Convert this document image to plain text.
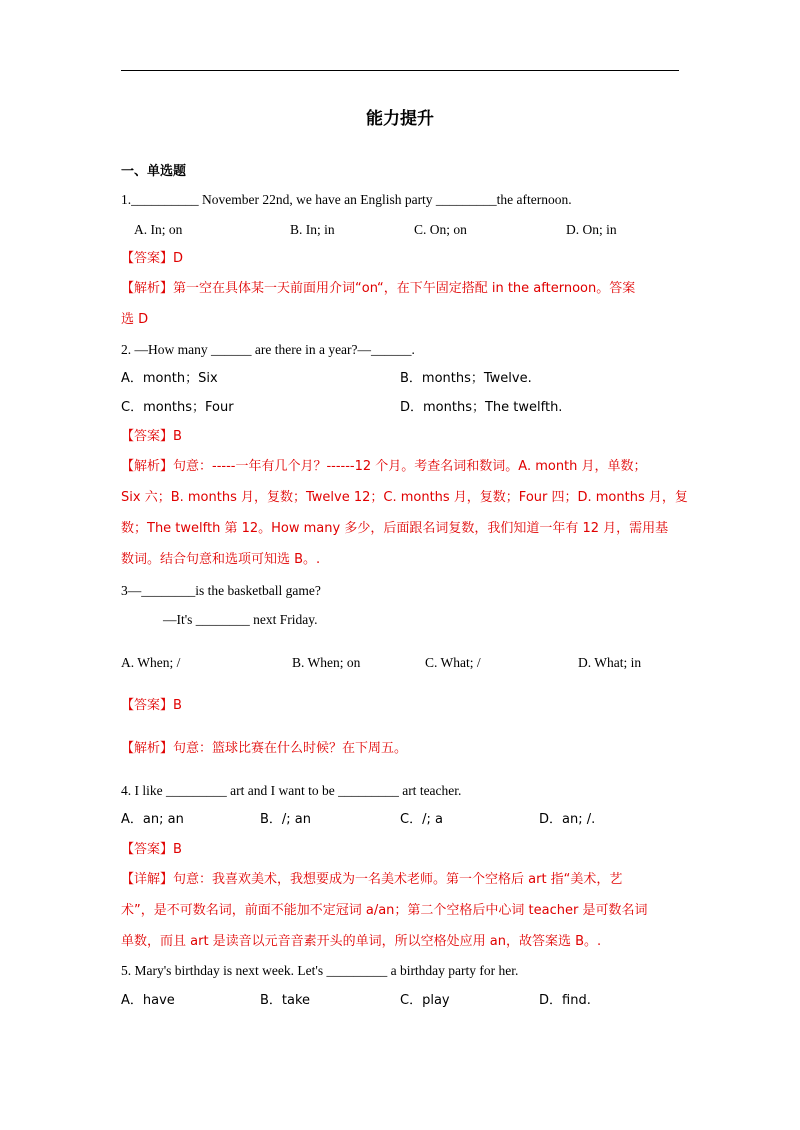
能力提升
一、单选题
1.__________ November 22nd, we have an English party _________the afternoon.
A. In; on	B. In; in	C. On; on	D. On; in
【答案】D
【解析】第一空在具体某一天前面用介词“on“，在下午固定搭配 in the afternoon。答案
选 D
2. —How many ______ are there in a year?—______.
A．month；Six	B．months；Twelve.
C．months；Four	D．months；The twelfth.
【答案】B
【解析】句意：-----一年有几个月？------12 个月。考查名词和数词。A. month 月，单数；
Six 六；B. months 月，复数；Twelve 12；C. months 月，复数；Four 四；D. months 月，复
数；The twelfth 第 12。How many 多少，后面跟名词复数，我们知道一年有 12 月，需用基
数词。结合句意和选项可知选 B。.
3—________is the basketball game?
—It's ________ next Friday.
A. When; /	B. When; on	C. What; /	D. What; in
【答案】B
【解析】句意：篮球比赛在什么时候？在下周五。
4. I like _________ art and I want to be _________ art teacher.
A．an; an	B．/; an	C．/; a	D．an; /.
【答案】B
【详解】句意：我喜欢美术，我想要成为一名美术老师。第一个空格后 art 指“美术，艺
术”，是不可数名词，前面不能加不定冠词 a/an；第二个空格后中心词 teacher 是可数名词
单数，而且 art 是读音以元音音素开头的单词，所以空格处应用 an，故答案选 B。.
5. Mary's birthday is next week. Let's _________ a birthday party for her.
A．have	B．take	C．play	D．find.
